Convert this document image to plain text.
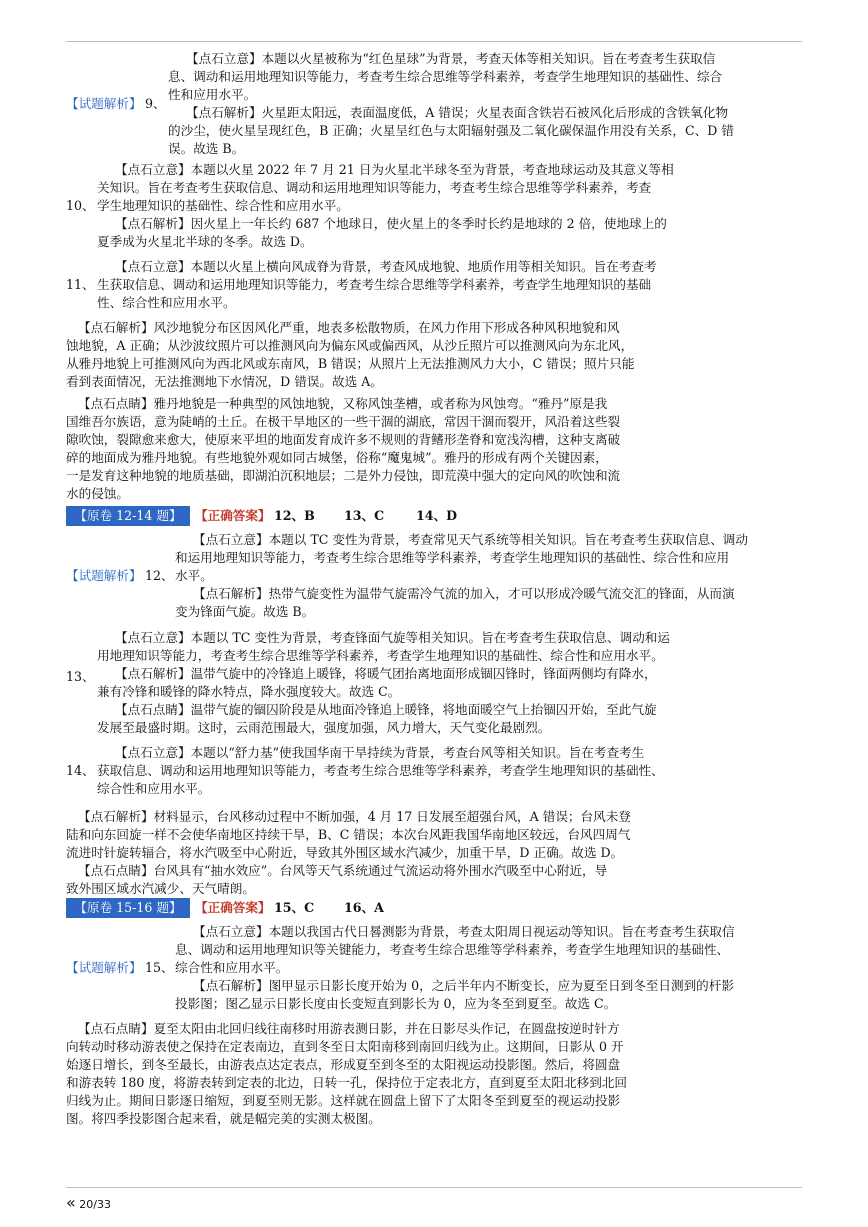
【试题解析】 9、
【点石立意】本题以火星被称为“红色星球”为背景，考查天体等相关知识。旨在考查考生获取信
息、调动和运用地理知识等能力，考查考生综合思维等学科素养，考查学生地理知识的基础性、综合
性和应用水平。
【点石解析】火星距太阳远，表面温度低，A 错误；火星表面含铁岩石被风化后形成的含铁氧化物
的沙尘，使火星呈现红色，B 正确；火星呈红色与太阳辐射强及二氧化碳保温作用没有关系，C、D 错
误。故选 B。
10、
【点石立意】本题以火星 2022 年 7 月 21 日为火星北半球冬至为背景，考查地球运动及其意义等相
关知识。旨在考查考生获取信息、调动和运用地理知识等能力，考查考生综合思维等学科素养，考查
学生地理知识的基础性、综合性和应用水平。
【点石解析】因火星上一年长约 687 个地球日，使火星上的冬季时长约是地球的 2 倍，使地球上的
夏季成为火星北半球的冬季。故选 D。
11、
【点石立意】本题以火星上横向风成脊为背景，考查风成地貌、地质作用等相关知识。旨在考查考
生获取信息、调动和运用地理知识等能力，考查考生综合思维等学科素养，考查学生地理知识的基础
性、综合性和应用水平。
【点石解析】风沙地貌分布区因风化严重，地表多松散物质，在风力作用下形成各种风积地貌和风
蚀地貌，A 正确；从沙波纹照片可以推测风向为偏东风或偏西风，从沙丘照片可以推测风向为东北风，
从雅丹地貌上可推测风向为西北风或东南风，B 错误；从照片上无法推测风力大小，C 错误；照片只能
看到表面情况，无法推测地下水情况，D 错误。故选 A。
【点石点睛】雅丹地貌是一种典型的风蚀地貌，又称风蚀垄槽，或者称为风蚀弯。“雅丹”原是我
国维吾尔族语，意为陡峭的土丘。在极干旱地区的一些干涸的湖底，常因干涸而裂开，风沿着这些裂
隙吹蚀，裂隙愈来愈大，使原来平坦的地面发育成许多不规则的背鳍形垄脊和宽浅沟槽，这种支离破
碎的地面成为雅丹地貌。有些地貌外观如同古城堡，俗称“魔鬼城”。雅丹的形成有两个关键因素，
一是发育这种地貌的地质基础，即湖泊沉积地层；二是外力侵蚀，即荒漠中强大的定向风的吹蚀和流
水的侵蚀。
【原卷 12-14 题】	【正确答案】 12、B 13、C	14、D
【试题解析】 12、
【点石立意】本题以 TC 变性为背景，考查常见天气系统等相关知识。旨在考查考生获取信息、调动
和运用地理知识等能力，考查考生综合思维等学科素养，考查学生地理知识的基础性、综合性和应用
水平。
【点石解析】热带气旋变性为温带气旋需冷气流的加入，才可以形成冷暖气流交汇的锋面，从而演
变为锋面气旋。故选 B。
13、
【点石立意】本题以 TC 变性为背景，考查锋面气旋等相关知识。旨在考查考生获取信息、调动和运
用地理知识等能力，考查考生综合思维等学科素养，考查学生地理知识的基础性、综合性和应用水平。
【点石解析】温带气旋中的冷锋追上暖锋，将暖气团抬离地面形成锢囚锋时，锋面两侧均有降水，
兼有冷锋和暖锋的降水特点，降水强度较大。故选 C。
【点石点睛】温带气旋的锢囚阶段是从地面冷锋追上暖锋，将地面暖空气上抬锢囚开始，至此气旋
发展至最盛时期。这时，云雨范围最大，强度加强，风力增大，天气变化最剧烈。
14、
【点石立意】本题以“舒力基”使我国华南干旱持续为背景，考查台风等相关知识。旨在考查考生
获取信息、调动和运用地理知识等能力，考查考生综合思维等学科素养，考查学生地理知识的基础性、
综合性和应用水平。
【点石解析】材料显示，台风移动过程中不断加强，4 月 17 日发展至超强台风，A 错误；台风未登
陆和向东回旋一样不会使华南地区持续干旱，B、C 错误；本次台风距我国华南地区较远，台风四周气
流进时针旋转辐合，将水汽吸至中心附近，导致其外围区域水汽减少，加重干旱，D 正确。故选 D。
【点石点睛】台风具有“抽水效应”。台风等天气系统通过气流运动将外围水汽吸至中心附近，导
致外围区域水汽减少、天气晴朗。
【原卷 15-16 题】	【正确答案】 15、C 16、A
【试题解析】 15、
【点石立意】本题以我国古代日晷测影为背景，考查太阳周日视运动等知识。旨在考查考生获取信
息、调动和运用地理知识等关键能力，考查考生综合思维等学科素养，考查学生地理知识的基础性、
综合性和应用水平。
【点石解析】图甲显示日影长度开始为 0，之后半年内不断变长，应为夏至日到冬至日测到的杆影
投影图；图乙显示日影长度由长变短直到影长为 0，应为冬至到夏至。故选 C。
【点石点睛】夏至太阳由北回归线往南移时用游表测日影，并在日影尽头作记，在圆盘按逆时针方
向转动时移动游表使之保持在定表南边，直到冬至日太阳南移到南回归线为止。这期间，日影从 0 开
始逐日增长，到冬至最长，由游表点达定表点，形成夏至到冬至的太阳视运动投影图。然后，将圆盘
和游表转 180 度，将游表转到定表的北边，日转一孔，保持位于定表北方，直到夏至太阳北移到北回
归线为止。期间日影逐日缩短，到夏至则无影。这样就在圆盘上留下了太阳冬至到夏至的视运动投影
图。将四季投影图合起来看，就是幅完美的实测太极图。
« 20/33
